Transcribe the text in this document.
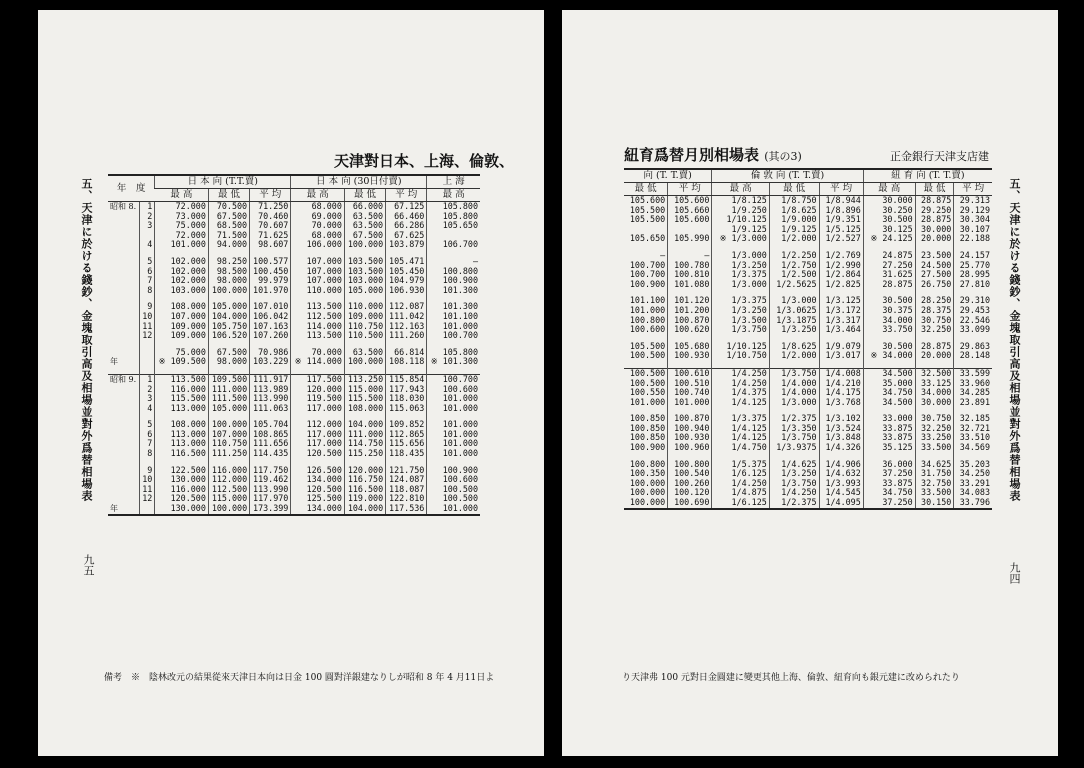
五、天津に於ける錢鈔、金塊取引高及相場並對外爲替相場表
九五
天津對日本、上海、倫敦、
年　度		日 本 向 (T.T.賣)			日 本 向 (30日付賣)			上 海
		最 高	最 低	平 均	最 高	最 低	平 均	最 高
昭和 8.	1	72.000	70.500	71.250	68.000	66.000	67.125	105.800
	2	73.000	67.500	70.460	69.000	63.500	66.460	105.800
	3	75.000	68.500	70.607	70.000	63.500	66.286	105.650
		72.000	71.500	71.625	68.000	67.500	67.625	
	4	101.000	94.000	98.607	106.000	100.000	103.879	106.700

	5	102.000	98.250	100.577	107.000	103.500	105.471	—
	6	102.000	98.500	100.450	107.000	103.500	105.450	100.800
	7	102.000	98.000	99.979	107.000	103.000	104.979	100.900
	8	103.000	100.000	101.970	110.000	105.000	106.930	101.300

	9	108.000	105.000	107.010	113.500	110.000	112.087	101.300
	10	107.000	104.000	106.042	112.500	109.000	111.042	101.100
	11	109.000	105.750	107.163	114.000	110.750	112.163	101.000
	12	109.000	106.520	107.260	113.500	110.500	111.260	100.700

		75.000	67.500	70.986	70.000	63.500	66.814	105.800
年		※ 109.500	98.000	103.229	※ 114.000	100.000	108.118	※ 101.300

昭和 9.	1	113.500	109.500	111.917	117.500	113.250	115.854	100.700
	2	116.000	111.000	113.989	120.000	115.000	117.943	100.600
	3	115.500	111.500	113.990	119.500	115.500	118.030	101.000
	4	113.000	105.000	111.063	117.000	108.000	115.063	101.000

	5	108.000	100.000	105.704	112.000	104.000	109.852	101.000
	6	113.000	107.000	108.865	117.000	111.000	112.865	101.000
	7	113.000	110.750	111.656	117.000	114.750	115.656	101.000
	8	116.500	111.250	114.435	120.500	115.250	118.435	101.000

	9	122.500	116.000	117.750	126.500	120.000	121.750	100.900
	10	130.000	112.000	119.462	134.000	116.750	124.087	100.600
	11	116.000	112.500	113.990	120.500	116.500	118.087	100.500
	12	120.500	115.000	117.970	125.500	119.000	122.810	100.500
年		130.000	100.000	173.399	134.000	104.000	117.536	101.000
備考　※　陰林改元の結果從來天津日本向は日金 100 圓對洋銀建なりしが昭和 8 年 4 月11日よ
紐育爲替月別相場表 (其の3)	正金銀行天津支店建
五、天津に於ける錢鈔、金塊取引高及相場並對外爲替相場表
九四
向 (T. T.賣)		倫 敦 向 (T. T.賣)			紐 育 向 (T. T.賣)		
最 低	平 均	最 高	最 低	平 均	最 高	最 低	平 均
105.600	105.600	1/8.125	1/8.750	1/8.944	30.000	28.875	29.313
105.500	105.660	1/9.250	1/8.625	1/8.896	30.250	29.250	29.129
105.500	105.600	1/10.125	1/9.000	1/9.351	30.500	28.875	30.304
		1/9.125	1/9.125	1/5.125	30.125	30.000	30.107
105.650	105.990	※ 1/3.000	1/2.000	1/2.527	※ 24.125	20.000	22.188

—	—	1/3.000	1/2.250	1/2.769	24.875	23.500	24.157
100.700	100.780	1/3.250	1/2.750	1/2.990	27.250	24.500	25.770
100.700	100.810	1/3.375	1/2.500	1/2.864	31.625	27.500	28.995
100.900	101.080	1/3.000	1/2.5625	1/2.825	28.875	26.750	27.810

101.100	101.120	1/3.375	1/3.000	1/3.125	30.500	28.250	29.310
101.000	101.200	1/3.250	1/3.0625	1/3.172	30.375	28.375	29.453
100.800	100.870	1/3.500	1/3.1875	1/3.317	34.000	30.750	22.546
100.600	100.620	1/3.750	1/3.250	1/3.464	33.750	32.250	33.099

105.500	105.680	1/10.125	1/8.625	1/9.079	30.500	28.875	29.863
100.500	100.930	1/10.750	1/2.000	1/3.017	※ 34.000	20.000	28.148

100.500	100.610	1/4.250	1/3.750	1/4.008	34.500	32.500	33.599
100.500	100.510	1/4.250	1/4.000	1/4.210	35.000	33.125	33.960
100.550	100.740	1/4.375	1/4.000	1/4.175	34.750	34.000	34.285
101.000	101.000	1/4.125	1/3.000	1/3.768	34.500	30.000	23.891

100.850	100.870	1/3.375	1/2.375	1/3.102	33.000	30.750	32.185
100.850	100.940	1/4.125	1/3.350	1/3.524	33.875	32.250	32.721
100.850	100.930	1/4.125	1/3.750	1/3.848	33.875	33.250	33.510
100.900	100.960	1/4.750	1/3.9375	1/4.326	35.125	33.500	34.569

100.800	100.800	1/5.375	1/4.625	1/4.906	36.000	34.625	35.203
100.350	100.540	1/6.125	1/3.250	1/4.632	37.250	31.750	34.250
100.000	100.260	1/4.250	1/3.750	1/3.993	33.875	32.750	33.291
100.000	100.120	1/4.875	1/4.250	1/4.545	34.750	33.500	34.083
100.000	100.690	1/6.125	1/2.375	1/4.095	37.250	30.150	33.796
り天津弗 100 元對日金圓建に變更其他上海、倫敦、紐育向も銀元建に改められたり
